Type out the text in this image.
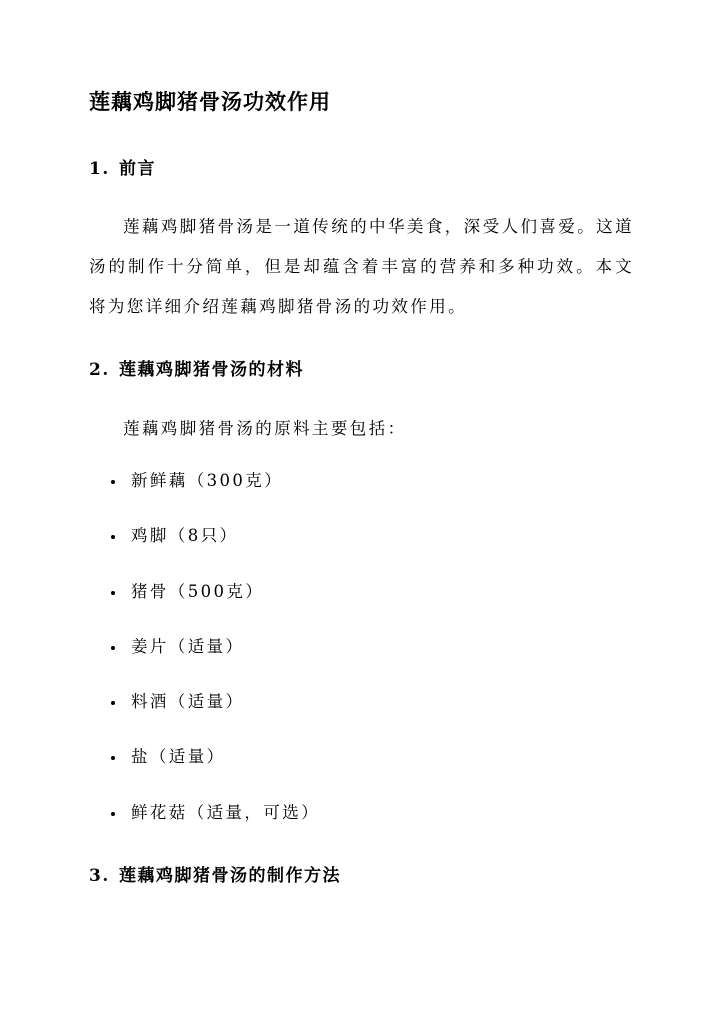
莲藕鸡脚猪骨汤功效作用
1. 前言
莲藕鸡脚猪骨汤是一道传统的中华美食，深受人们喜爱。这道汤的制作十分简单，但是却蕴含着丰富的营养和多种功效。本文将为您详细介绍莲藕鸡脚猪骨汤的功效作用。
2. 莲藕鸡脚猪骨汤的材料
莲藕鸡脚猪骨汤的原料主要包括：
新鲜藕（300克）
鸡脚（8只）
猪骨（500克）
姜片（适量）
料酒（适量）
盐（适量）
鲜花菇（适量，可选）
3. 莲藕鸡脚猪骨汤的制作方法
